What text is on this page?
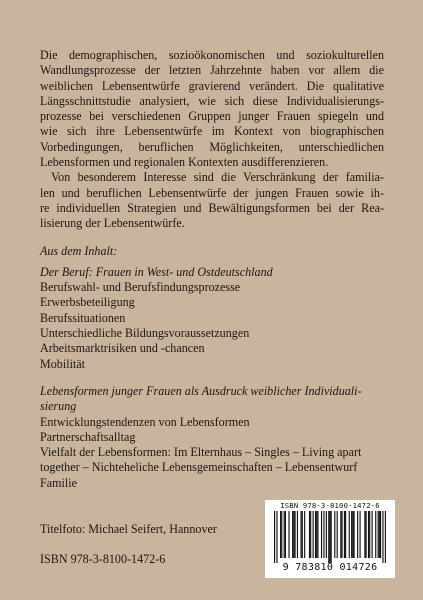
Die demographischen, sozioökonomischen und soziokulturellen
Wandlungsprozesse der letzten Jahrzehnte haben vor allem die
weiblichen Lebensentwürfe gravierend verändert. Die qualitative
Längsschnittstudie analysiert, wie sich diese Individualisierungs-
prozesse bei verschiedenen Gruppen junger Frauen spiegeln und
wie sich ihre Lebensentwürfe im Kontext von biographischen
Vorbedingungen, beruflichen Möglichkeiten, unterschiedlichen
Lebensformen und regionalen Kontexten ausdifferenzieren.
Von besonderem Interesse sind die Verschränkung der familia-
len und beruflichen Lebensentwürfe der jungen Frauen sowie ih-
re individuellen Strategien und Bewältigungsformen bei der Rea-
lisierung der Lebensentwürfe.
Aus dem Inhalt:
Der Beruf: Frauen in West- und Ostdeutschland
Berufswahl- und Berufsfindungsprozesse
Erwerbsbeteiligung
Berufssituationen
Unterschiedliche Bildungsvoraussetzungen
Arbeitsmarktrisiken und -chancen
Mobilität
Lebensformen junger Frauen als Ausdruck weiblicher Individuali-
sierung
Entwicklungstendenzen von Lebensformen
Partnerschaftsalltag
Vielfalt der Lebensformen: Im Elternhaus – Singles – Living apart
together – Nichteheliche Lebensgemeinschaften – Lebensentwurf
Familie
Titelfoto: Michael Seifert, Hannover
ISBN 978-3-8100-1472-6
ISBN 978-3-8100-1472-6
9 783810 014726
